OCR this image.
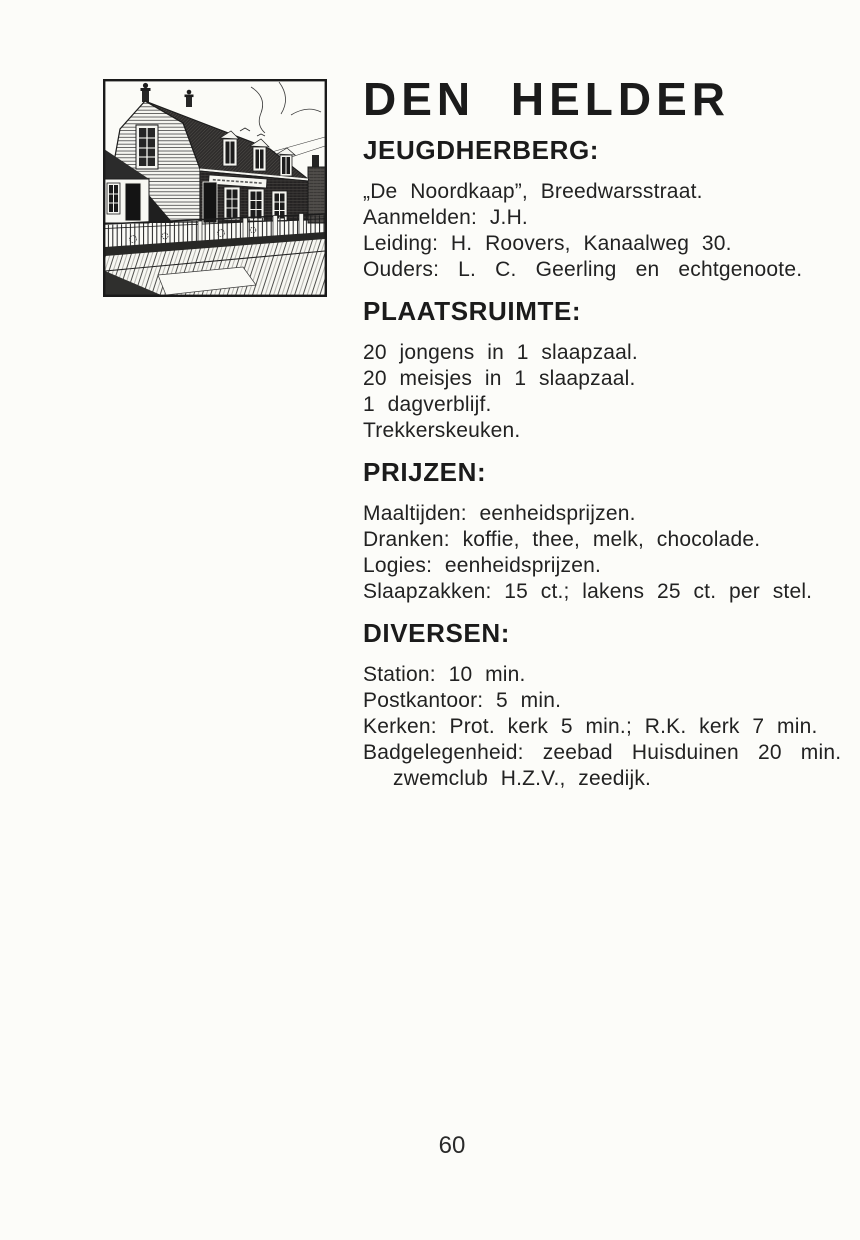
DEN HELDER
JEUGDHERBERG:
„De Noordkaap”, Breedwarsstraat.
Aanmelden: J.H.
Leiding: H. Roovers, Kanaalweg 30.
Ouders: L. C. Geerling en echtgenoote.
PLAATSRUIMTE:
20 jongens in 1 slaapzaal.
20 meisjes in 1 slaapzaal.
1 dagverblijf.
Trekkerskeuken.
PRIJZEN:
Maaltijden: eenheidsprijzen.
Dranken: koffie, thee, melk, chocolade.
Logies: eenheidsprijzen.
Slaapzakken: 15 ct.; lakens 25 ct. per stel.
DIVERSEN:
Station: 10 min.
Postkantoor: 5 min.
Kerken: Prot. kerk 5 min.; R.K. kerk 7 min.
Badgelegenheid: zeebad Huisduinen 20 min.
zwemclub H.Z.V., zeedijk.
60
